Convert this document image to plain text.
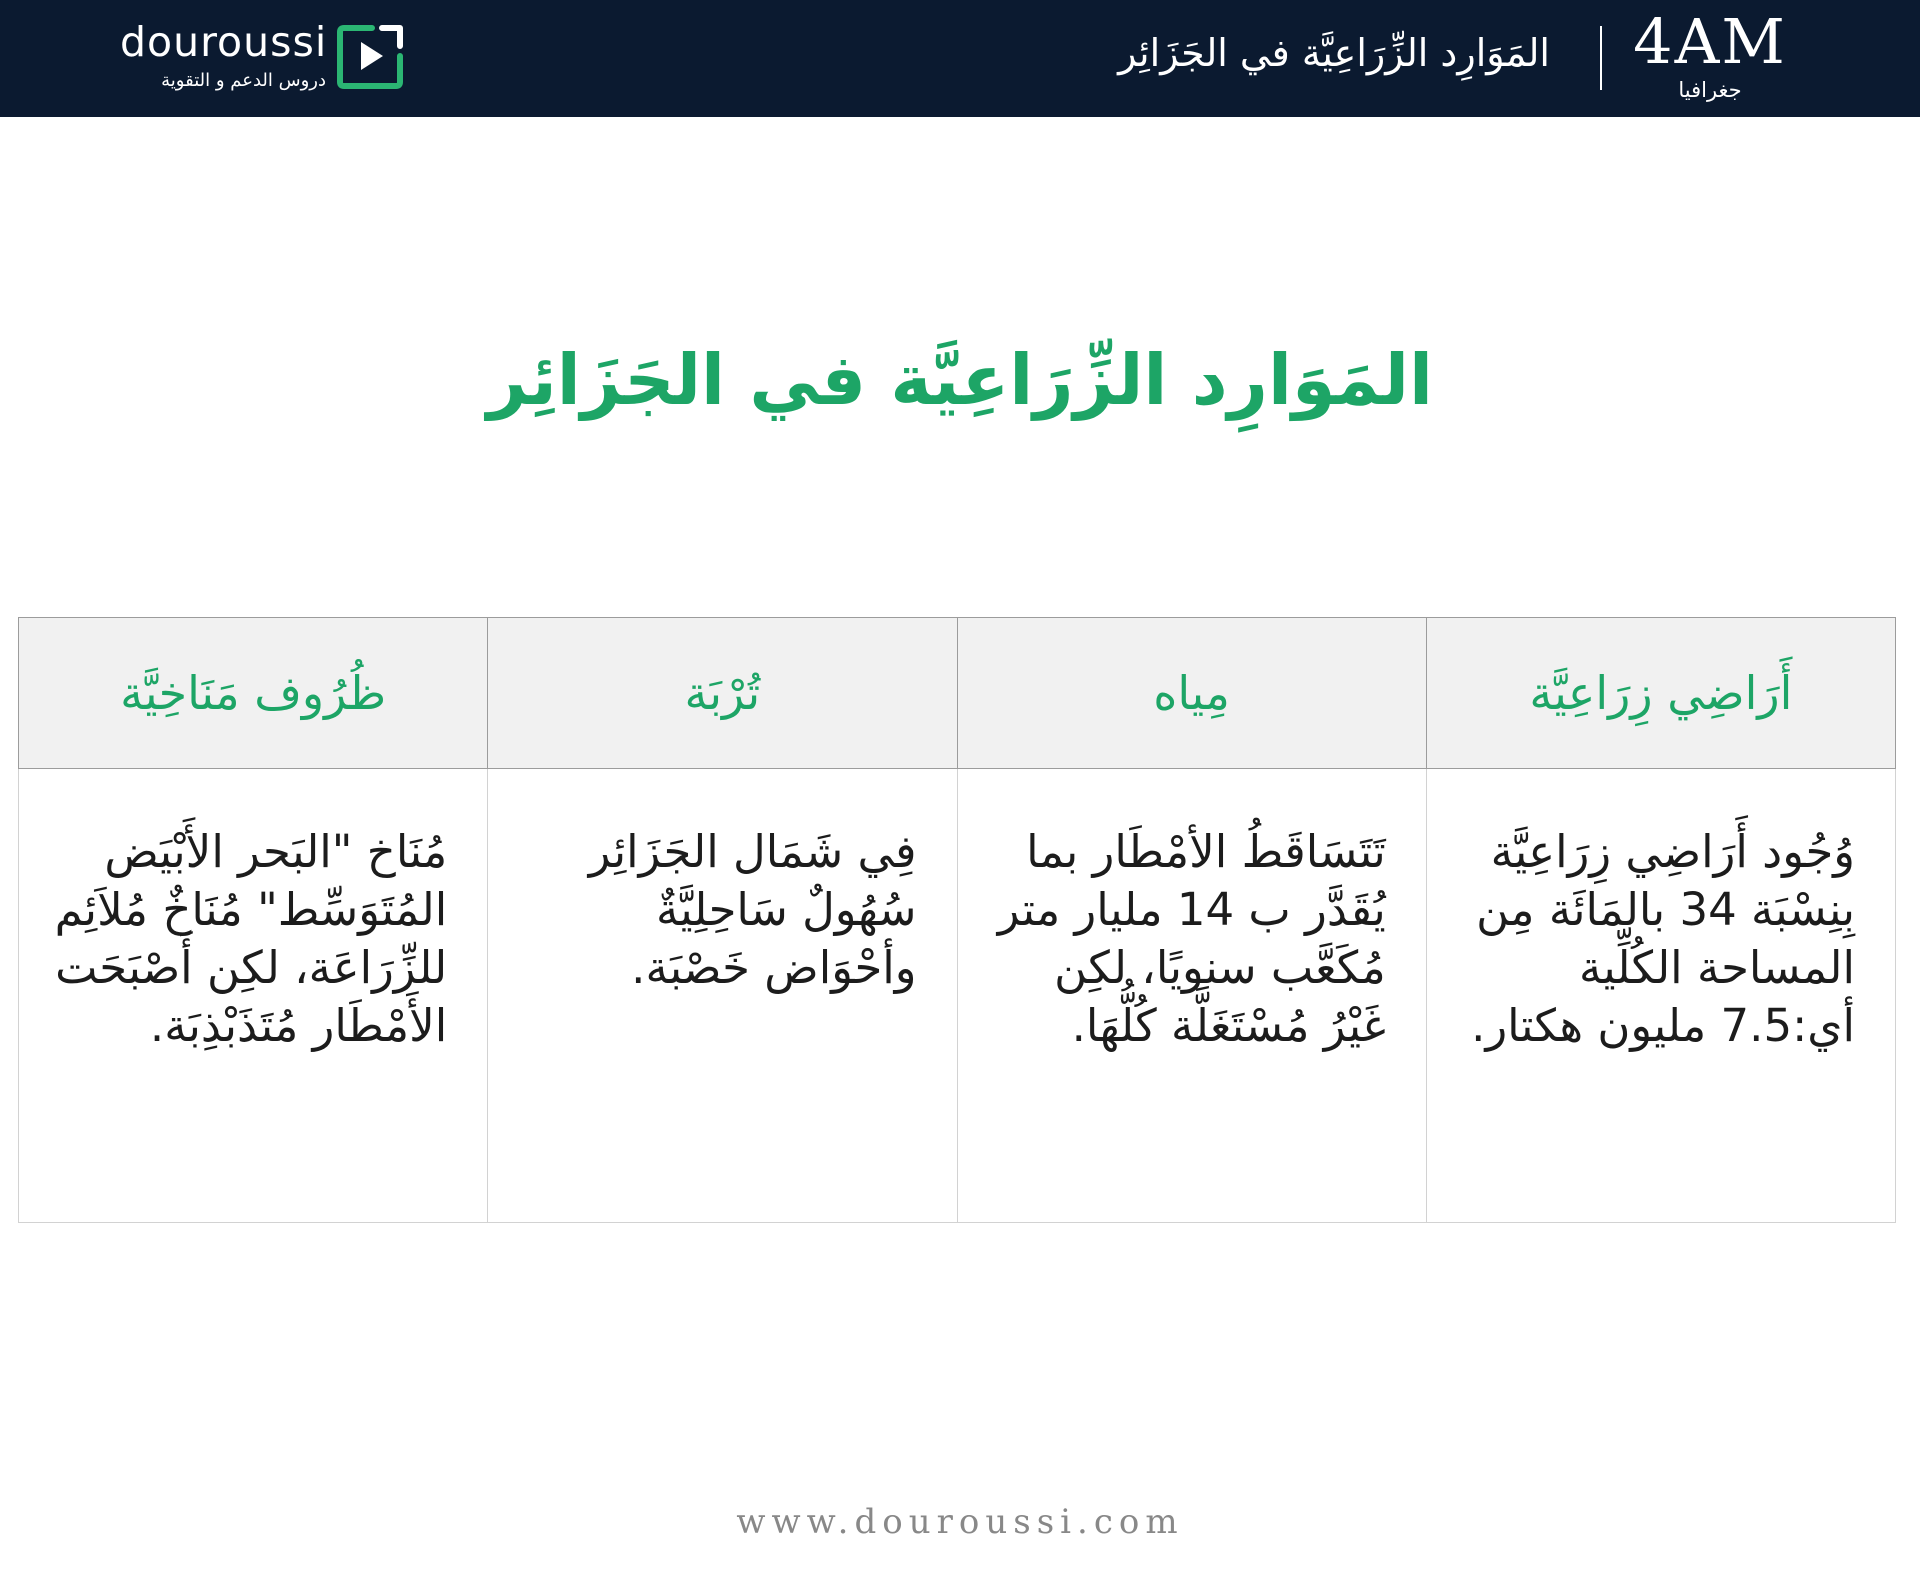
douroussi
دروس الدعم و التقوية
المَوَارِد الزِّرَاعِيَّة في الجَزَائِر 4AM
جغرافيا
المَوَارِد الزِّرَاعِيَّة في الجَزَائِر
أَرَاضِي زِرَاعِيَّة	مِياه	تُرْبَة	ظُرُوف مَنَاخِيَّة

وُجُود أَرَاضِي زِرَاعِيَّة بِنِسْبَة 34 بالمَائَة مِن المساحة الكُلِّية أي:7.5 مليون هكتار.	تَتَسَاقَطُ الأمْطَار بما يُقَدَّر ب 14 مليار متر مُكَعَّب سنويًا، لكِن غَيْرُ مُسْتَغَلَّة كُلُّهَا.	فِي شَمَال الجَزَائِر سُهُولٌ سَاحِلِيَّةٌ وأحْوَاض خَصْبَة.	مُنَاخ "البَحر الأَبْيَض المُتَوَسِّط" مُنَاخٌ مُلاَئِم للزِّرَاعَة، لكِن أَصْبَحَت الأَمْطَار مُتَذَبْذِبَة.
www.douroussi.com
